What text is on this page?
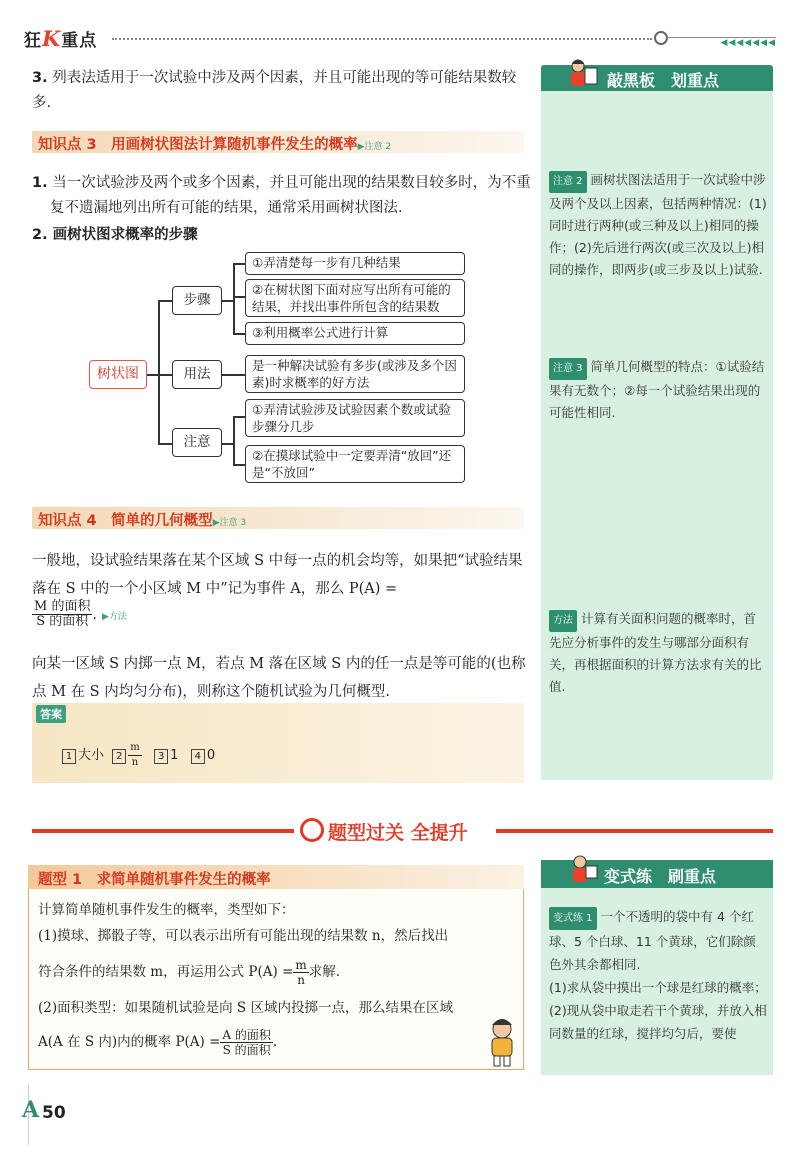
狂K重点	◀◀◀◀◀◀◀
敲黑板　划重点
注意 2 画树状图法适用于一次试验中涉及两个及以上因素，包括两种情况：(1)同时进行两种(或三种及以上)相同的操作；(2)先后进行两次(或三次及以上)相同的操作，即两步(或三步及以上)试验.
注意 3 简单几何概型的特点：①试验结果有无数个；②每一个试验结果出现的可能性相同.
方法 计算有关面积问题的概率时，首先应分析事件的发生与哪部分面积有关，再根据面积的计算方法求有关的比值.
3. 列表法适用于一次试验中涉及两个因素，并且可能出现的等可能结果数较多.
知识点 3　用画树状图法计算随机事件发生的概率▶注意 2
1. 当一次试验涉及两个或多个因素，并且可能出现的结果数目较多时，为不重复不遗漏地列出所有可能的结果，通常采用画树状图法.
2. 画树状图求概率的步骤
树状图
步骤
用法
注意
①弄清楚每一步有几种结果
②在树状图下面对应写出所有可能的结果，并找出事件所包含的结果数
③利用概率公式进行计算
是一种解决试验有多步(或涉及多个因素)时求概率的好方法
①弄清试验涉及试验因素个数或试验步骤分几步
②在摸球试验中一定要弄清“放回”还是“不放回”
知识点 4　简单的几何概型▶注意 3
一般地，设试验结果落在某个区域 S 中每一点的机会均等，如果把“试验结果落在 S 中的一个小区域 M 中”记为事件 A，那么 P(A) =
$\frac{\text{M 的面积}}{\text{S 的面积}}$ . ▶方法
向某一区域 S 内掷一点 M，若点 M 落在区域 S 内的任一点是等可能的(也称点 M 在 S 内均匀分布)，则称这个随机试验为几何概型.
答案
1 大小 $2 \frac{m}{n} 3$ 1 4 0
题型过关 全提升
题型 1　求简单随机事件发生的概率
计算简单随机事件发生的概率，类型如下：
(1)摸球、掷骰子等，可以表示出所有可能出现的结果数 n，然后找出
符合条件的结果数 m，再运用公式 $P(A) = \frac{m}{n}$ 求解.
(2)面积类型：如果随机试验是向 S 区域内投掷一点，那么结果在区域
A(A 在 S 内)内的概率 $P(A) = \frac{\text{A 的面积}}{\text{S 的面积}}$ .
变式练　刷重点
变式练 1 一个不透明的袋中有 4 个红球、5 个白球、11 个黄球，它们除颜色外其余都相同.
(1)求从袋中摸出一个球是红球的概率；
(2)现从袋中取走若干个黄球，并放入相同数量的红球，搅拌均匀后，要使
A 50
